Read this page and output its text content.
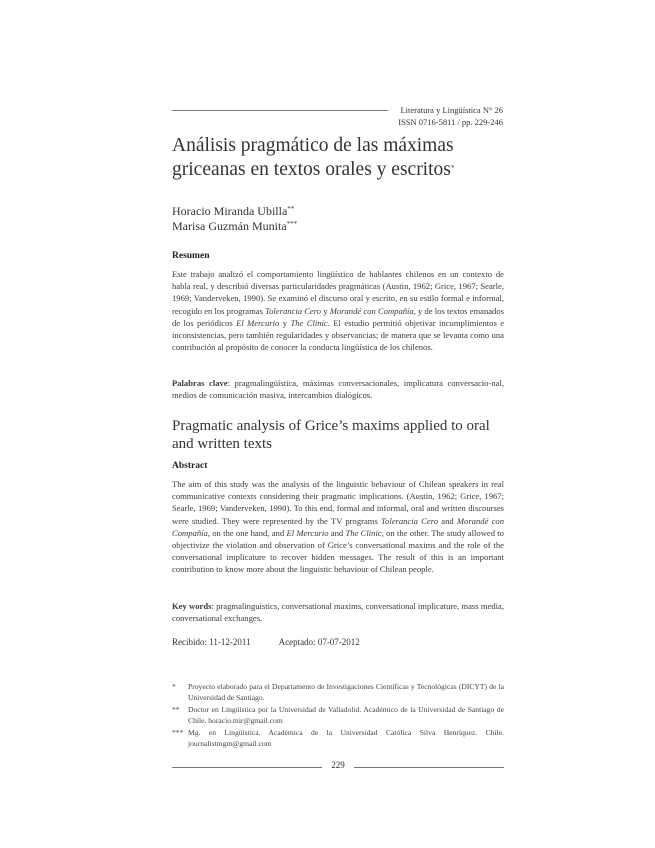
Literatura y Lingüística N° 26
ISSN 0716-5811 / pp. 229-246
Análisis pragmático de las máximas griceanas en textos orales y escritos*
Horacio Miranda Ubilla**
Marisa Guzmán Munita***
Resumen

Este trabajo analizó el comportamiento lingüístico de hablantes chilenos en un contexto de habla real, y describió diversas particularidades pragmáticas (Austin, 1962; Grice, 1967; Searle, 1969; Vanderveken, 1990). Se examinó el discurso oral y escrito, en su estilo formal e informal, recogido en los programas Tolerancia Cero y Morandé con Compañía, y de los textos emanados de los periódicos El Mercurio y The Clinic. El estudio permitió objetivar incumplimientos e inconsistencias, pero también regularidades y observancias; de manera que se levanta como una contribución al propósito de conocer la conducta lingüística de los chilenos.

Palabras clave: pragmalingüística, máximas conversacionales, implicatura conversacio-nal, medios de comunicación masiva, intercambios dialógicos.

Pragmatic analysis of Grice’s maxims applied to oral and written texts
Abstract

The aim of this study was the analysis of the linguistic behaviour of Chilean speakers in real communicative contexts considering their pragmatic implications. (Austin, 1962; Grice, 1967; Searle, 1969; Vanderveken, 1990). To this end, formal and informal, oral and written discourses were studied. They were represented by the TV programs Tolerancia Cero and Morandé con Compañía, on the one hand, and El Mercurio and The Clinic, on the other. The study allowed to objectivize the violation and observation of Grice’s conversational maxims and the role of the conversational implicature to recover hidden messages. The result of this is an important contribution to know more about the linguistic behaviour of Chilean people.

Key words: pragmalinguistics, conversational maxims, conversational implicature, mass media, conversational exchanges.

Recibido: 11-12-2011	Aceptado: 07-07-2012
*	Proyecto elaborado para el Departamento de Investigaciones Científicas y Tecnológicas (DICYT) de la Universidad de Santiago.
**	Doctor en Lingüística por la Universidad de Valladolid. Académico de la Universidad de Santiago de Chile. horacio.mir@gmail.com
*** Mg. en Lingüística. Académica de la Universidad Católica Silva Henríquez. Chile. journalistmgm@gmail.com
229
